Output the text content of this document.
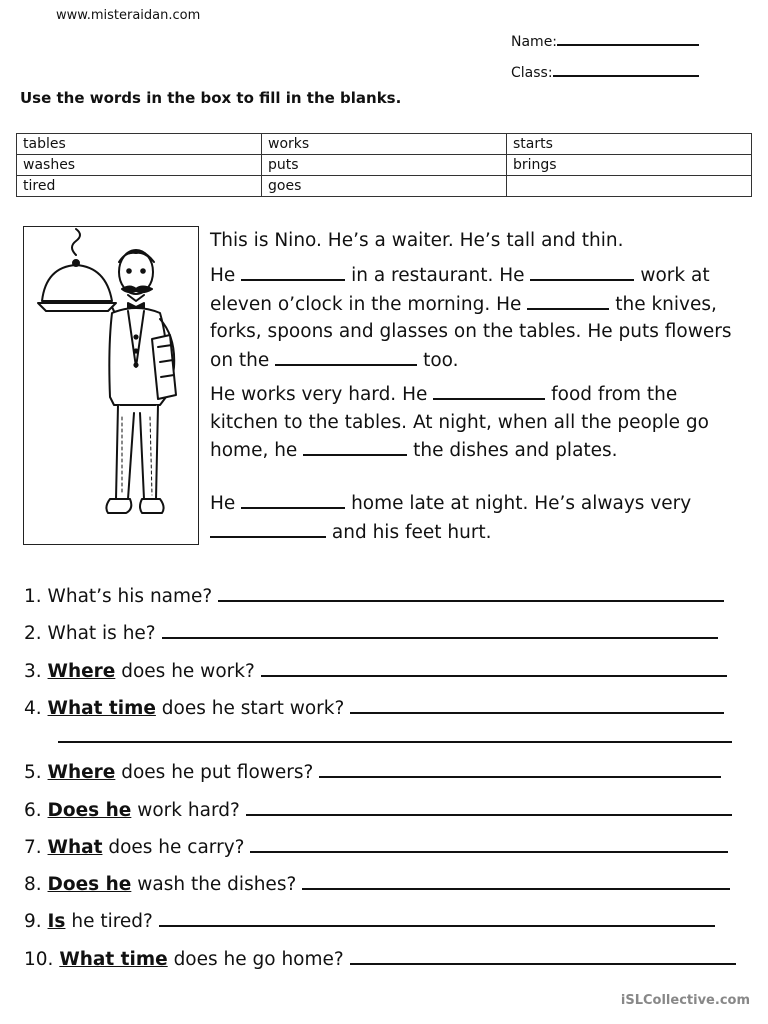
www.misteraidan.com
Name:
Class:
Use the words in the box to fill in the blanks.
tables	works	starts
washes	puts	brings
tired	goes	

This is Nino. He’s a waiter. He’s tall and thin.

He	in a restaurant. He	work at eleven o’clock in the morning. He	the knives, forks, spoons and glasses on the tables. He puts flowers on the	too.

He works very hard. He	food from the kitchen to the tables. At night, when all the people go home, he	the dishes and plates.

He	home late at night. He’s always very  and his feet hurt.

1. What’s his name?
2. What is he?
3. Where does he work?
4. What time does he start work?
5. Where does he put flowers?
6. Does he work hard?
7. What does he carry?
8. Does he wash the dishes?
9. Is he tired?
10. What time does he go home?
iSLCollective.com
